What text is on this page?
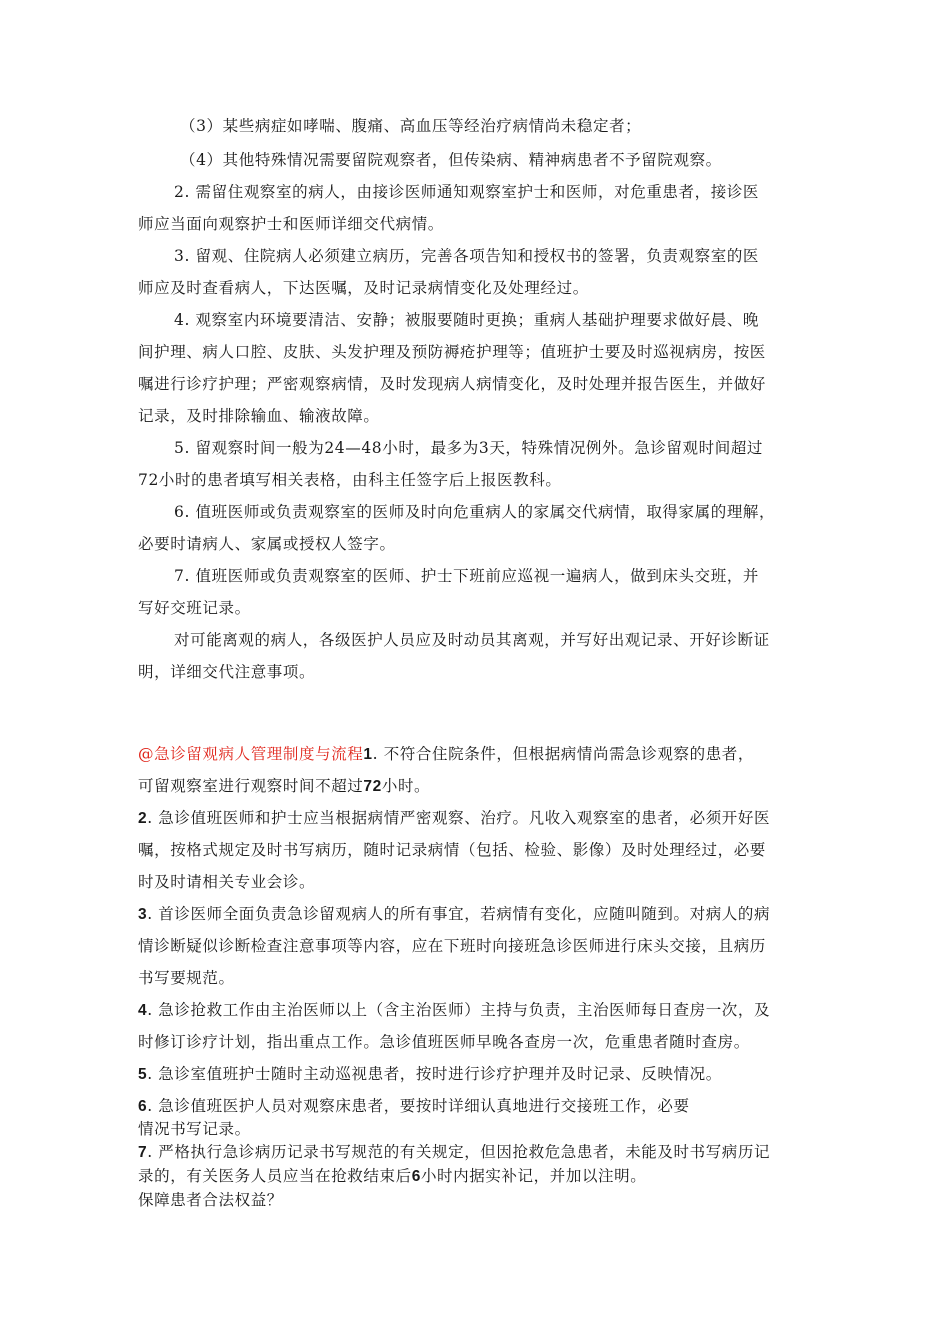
（3）某些病症如哮喘、腹痛、高血压等经治疗病情尚未稳定者；
（4）其他特殊情况需要留院观察者，但传染病、精神病患者不予留院观察。
2. 需留住观察室的病人，由接诊医师通知观察室护士和医师，对危重患者，接诊医
师应当面向观察护士和医师详细交代病情。
3. 留观、住院病人必须建立病历，完善各项告知和授权书的签署，负责观察室的医
师应及时查看病人，下达医嘱，及时记录病情变化及处理经过。
4. 观察室内环境要清洁、安静；被服要随时更换；重病人基础护理要求做好晨、晚
间护理、病人口腔、皮肤、头发护理及预防褥疮护理等；值班护士要及时巡视病房，按医
嘱进行诊疗护理；严密观察病情，及时发现病人病情变化，及时处理并报告医生，并做好
记录，及时排除输血、输液故障。
5. 留观察时间一般为24—48小时，最多为3天，特殊情况例外。急诊留观时间超过
72小时的患者填写相关表格，由科主任签字后上报医教科。
6. 值班医师或负责观察室的医师及时向危重病人的家属交代病情，取得家属的理解，
必要时请病人、家属或授权人签字。
7. 值班医师或负责观察室的医师、护士下班前应巡视一遍病人，做到床头交班，并
写好交班记录。
对可能离观的病人，各级医护人员应及时动员其离观，并写好出观记录、开好诊断证
明，详细交代注意事项。
@急诊留观病人管理制度与流程1. 不符合住院条件，但根据病情尚需急诊观察的患者，
可留观察室进行观察时间不超过72小时。
2. 急诊值班医师和护士应当根据病情严密观察、治疗。凡收入观察室的患者，必须开好医
嘱，按格式规定及时书写病历，随时记录病情（包括、检验、影像）及时处理经过，必要
时及时请相关专业会诊。
3. 首诊医师全面负责急诊留观病人的所有事宜，若病情有变化，应随叫随到。对病人的病
情诊断疑似诊断检查注意事项等内容，应在下班时向接班急诊医师进行床头交接，且病历
书写要规范。
4. 急诊抢救工作由主治医师以上（含主治医师）主持与负责，主治医师每日查房一次，及
时修订诊疗计划，指出重点工作。急诊值班医师早晚各查房一次，危重患者随时查房。
5. 急诊室值班护士随时主动巡视患者，按时进行诊疗护理并及时记录、反映情况。
6. 急诊值班医护人员对观察床患者，要按时详细认真地进行交接班工作，必要
情况书写记录。
7. 严格执行急诊病历记录书写规范的有关规定，但因抢救危急患者，未能及时书写病历记
录的，有关医务人员应当在抢救结束后6小时内据实补记，并加以注明。
保障患者合法权益？
